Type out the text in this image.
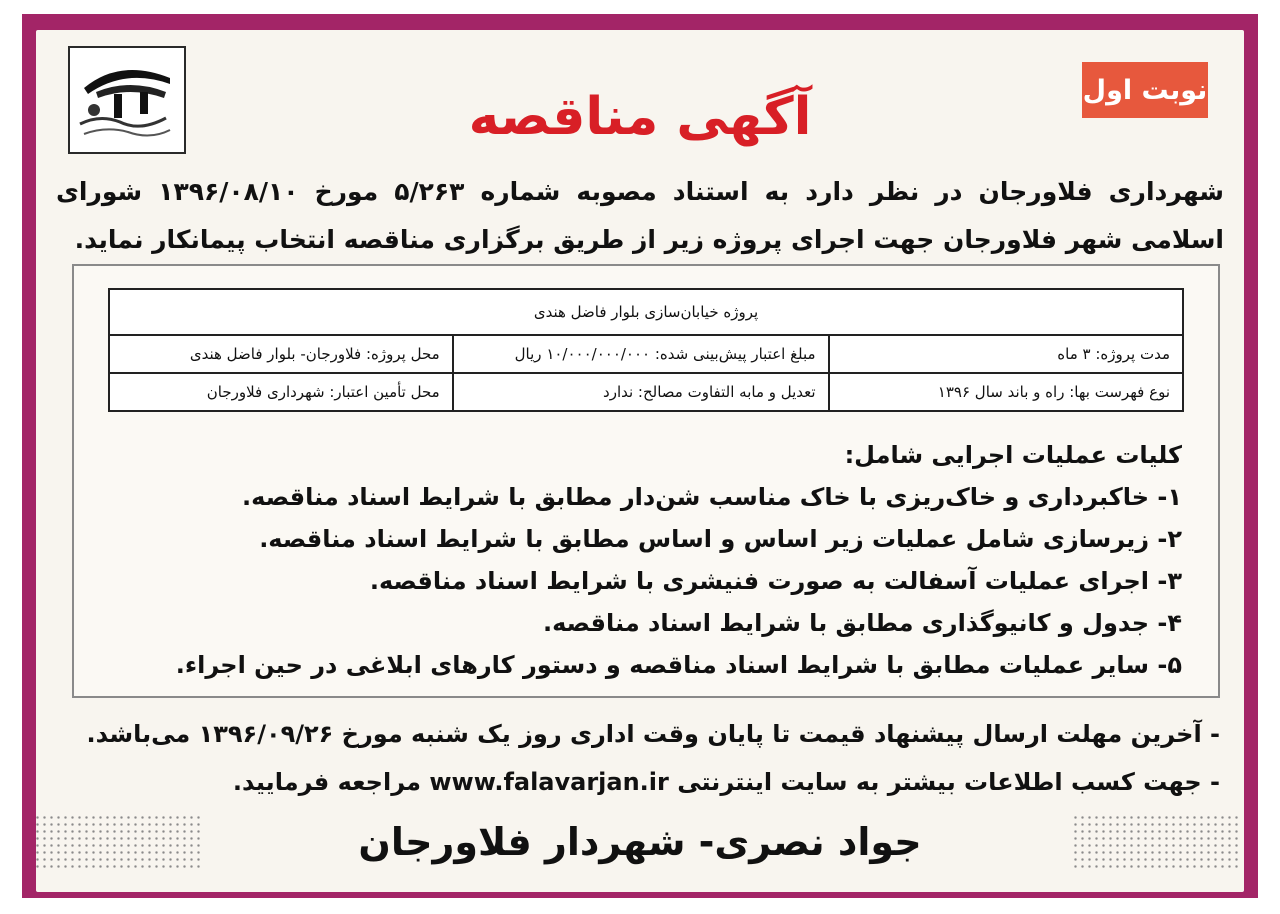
نوبت اول
آگهی مناقصه
شهرداری فلاورجان در نظر دارد به استناد مصوبه شماره ۵/۲۶۳ مورخ ۱۳۹۶/۰۸/۱۰ شورای اسلامی شهر فلاورجان جهت اجرای پروژه زیر از طریق برگزاری مناقصه انتخاب پیمانکار نماید.
پروژه خیابان‌سازی بلوار فاضل هندی		
مدت پروژه: ۳ ماه	مبلغ اعتبار پیش‌بینی شده: ۱۰/۰۰۰/۰۰۰/۰۰۰ ریال	محل پروژه: فلاورجان- بلوار فاضل هندی
نوع فهرست بها: راه و باند سال ۱۳۹۶	تعدیل و مابه التفاوت مصالح: ندارد	محل تأمین اعتبار: شهرداری فلاورجان
کلیات عملیات اجرایی شامل:
۱- خاکبرداری و خاک‌ریزی با خاک مناسب شن‌دار مطابق با شرایط اسناد مناقصه.
۲- زیرسازی شامل عملیات زیر اساس و اساس مطابق با شرایط اسناد مناقصه.
۳- اجرای عملیات آسفالت به صورت فنیشری با شرایط اسناد مناقصه.
۴- جدول و کانیوگذاری مطابق با شرایط اسناد مناقصه.
۵- سایر عملیات مطابق با شرایط اسناد مناقصه و دستور کارهای ابلاغی در حین اجراء.
- آخرین مهلت ارسال پیشنهاد قیمت تا پایان وقت اداری روز یک شنبه مورخ ۱۳۹۶/۰۹/۲۶ می‌باشد.
- جهت کسب اطلاعات بیشتر به سایت اینترنتی www.falavarjan.ir مراجعه فرمایید.
جواد نصری- شهردار فلاورجان
